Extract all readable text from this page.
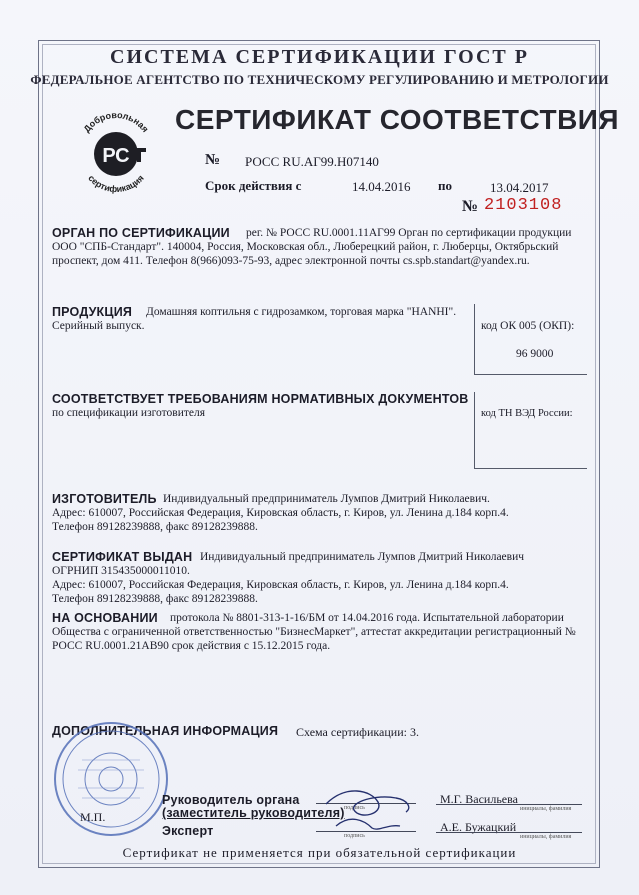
СИСТЕМА СЕРТИФИКАЦИИ ГОСТ Р
ФЕДЕРАЛЬНОЕ АГЕНТСТВО ПО ТЕХНИЧЕСКОМУ РЕГУЛИРОВАНИЮ И МЕТРОЛОГИИ
Добровольная
сертификация
РС
СЕРТИФИКАТ СООТВЕТСТВИЯ
№ РОСС RU.АГ99.Н07140
Срок действия с	14.04.2016 по	13.04.2017
№ 2103108
ОРГАН ПО СЕРТИФИКАЦИИ рег. № РОСС RU.0001.11АГ99 Орган по сертификации продукции
ООО "СПБ-Стандарт". 140004, Россия, Московская обл., Люберецкий район, г. Люберцы, Октябрьский
проспект, дом 411. Телефон 8(966)093-75-93, адрес электронной почты cs.spb.standart@yandex.ru.
ПРОДУКЦИЯ Домашняя коптильня с гидрозамком, торговая марка "HANHI".
Серийный выпуск.	код ОК 005 (ОКП):
96 9000
СООТВЕТСТВУЕТ ТРЕБОВАНИЯМ НОРМАТИВНЫХ ДОКУМЕНТОВ
по спецификации изготовителя	код ТН ВЭД России:
ИЗГОТОВИТЕЛЬ Индивидуальный предприниматель Лумпов Дмитрий Николаевич.
Адрес: 610007, Российская Федерация, Кировская область, г. Киров, ул. Ленина д.184 корп.4.
Телефон 89128239888, факс 89128239888.
СЕРТИФИКАТ ВЫДАН Индивидуальный предприниматель Лумпов Дмитрий Николаевич
ОГРНИП 315435000011010.
Адрес: 610007, Российская Федерация, Кировская область, г. Киров, ул. Ленина д.184 корп.4.
Телефон 89128239888, факс 89128239888.
НА ОСНОВАНИИ протокола № 8801-313-1-16/БМ от 14.04.2016 года. Испытательной лаборатории
Общества с ограниченной ответственностью "БизнесМаркет", аттестат аккредитации регистрационный №
РОСС RU.0001.21АВ90 срок действия с 15.12.2015 года.
ДОПОЛНИТЕЛЬНАЯ ИНФОРМАЦИЯ Схема сертификации: 3.
М.П.
Руководитель органа
(заместитель руководителя)
Эксперт
подпись
подпись
М.Г. Васильева
инициалы, фамилия
А.Е. Бужацкий
инициалы, фамилия
Сертификат не применяется при обязательной сертификации
